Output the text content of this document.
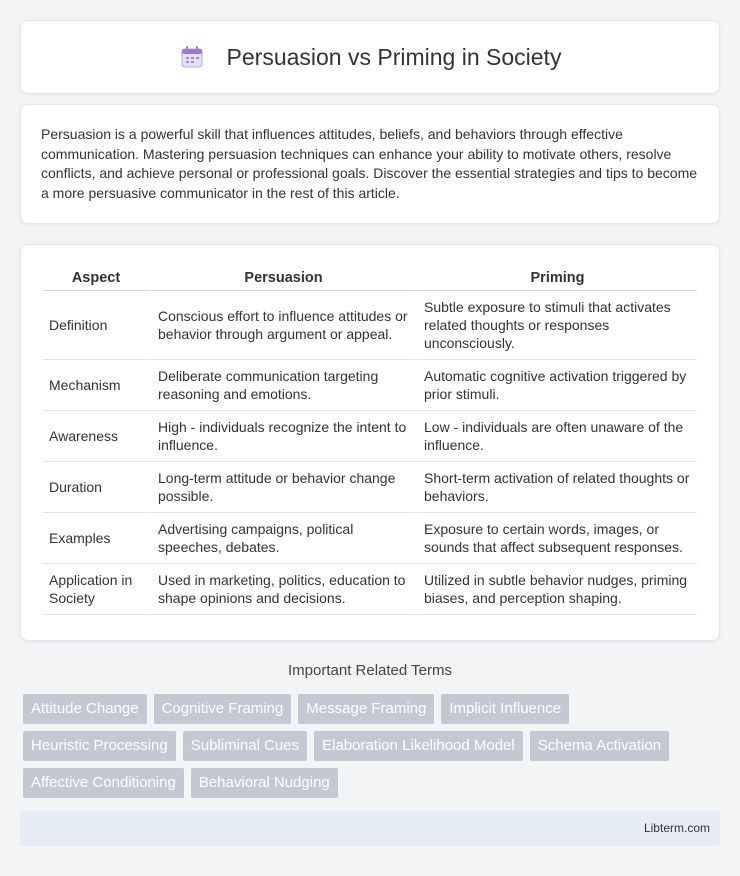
Persuasion vs Priming in Society

Persuasion is a powerful skill that influences attitudes, beliefs, and behaviors through effective communication. Mastering persuasion techniques can enhance your ability to motivate others, resolve conflicts, and achieve personal or professional goals. Discover the essential strategies and tips to become a more persuasive communicator in the rest of this article.

Aspect	Persuasion	Priming
Definition	Conscious effort to influence attitudes or behavior through argument or appeal.	Subtle exposure to stimuli that activates related thoughts or responses unconsciously.
Mechanism	Deliberate communication targeting reasoning and emotions.	Automatic cognitive activation triggered by prior stimuli.
Awareness	High - individuals recognize the intent to influence.	Low - individuals are often unaware of the influence.
Duration	Long-term attitude or behavior change possible.	Short-term activation of related thoughts or behaviors.
Examples	Advertising campaigns, political speeches, debates.	Exposure to certain words, images, or sounds that affect subsequent responses.
Application in Society	Used in marketing, politics, education to shape opinions and decisions.	Utilized in subtle behavior nudges, priming biases, and perception shaping.
Important Related Terms
Attitude Change	Cognitive Framing	Message Framing	Implicit Influence
Heuristic Processing	Subliminal Cues	Elaboration Likelihood Model	Schema Activation
Affective Conditioning	Behavioral Nudging
Libterm.com
